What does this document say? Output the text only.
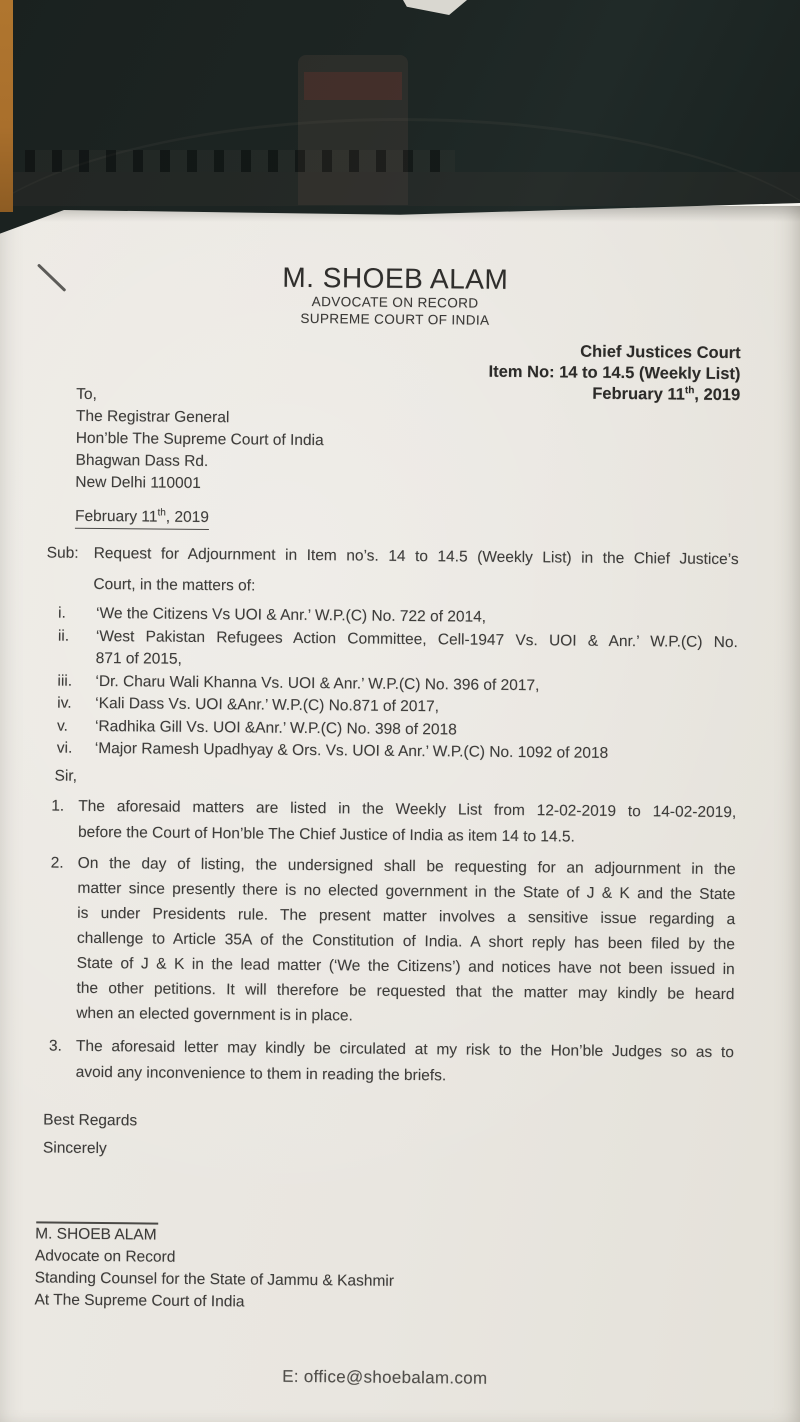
M. SHOEB ALAM
ADVOCATE ON RECORD
SUPREME COURT OF INDIA
Chief Justices Court
Item No: 14 to 14.5 (Weekly List)
February 11th, 2019
To,
The Registrar General
Hon’ble The Supreme Court of India
Bhagwan Dass Rd.
New Delhi 110001
February 11th, 2019
Sub: Request for Adjournment in Item no’s. 14 to 14.5 (Weekly List) in the Chief Justice’s
Court, in the matters of:
i.	‘We the Citizens Vs UOI & Anr.’ W.P.(C) No. 722 of 2014,
ii.	‘West Pakistan Refugees Action Committee, Cell-1947 Vs. UOI & Anr.’ W.P.(C) No.
871 of 2015,
iii.	‘Dr. Charu Wali Khanna Vs. UOI & Anr.’ W.P.(C) No. 396 of 2017,
iv.	‘Kali Dass Vs. UOI &Anr.’ W.P.(C) No.871 of 2017,
v.	‘Radhika Gill Vs. UOI &Anr.’ W.P.(C) No. 398 of 2018
vi.	‘Major Ramesh Upadhyay & Ors. Vs. UOI & Anr.’ W.P.(C) No. 1092 of 2018
Sir,
1. The aforesaid matters are listed in the Weekly List from 12-02-2019 to 14-02-2019,
before the Court of Hon’ble The Chief Justice of India as item 14 to 14.5.
2. On the day of listing, the undersigned shall be requesting for an adjournment in the
matter since presently there is no elected government in the State of J & K and the State
is under Presidents rule. The present matter involves a sensitive issue regarding a
challenge to Article 35A of the Constitution of India. A short reply has been filed by the
State of J & K in the lead matter (‘We the Citizens’) and notices have not been issued in
the other petitions. It will therefore be requested that the matter may kindly be heard
when an elected government is in place.
3. The aforesaid letter may kindly be circulated at my risk to the Hon’ble Judges so as to
avoid any inconvenience to them in reading the briefs.
Best Regards
Sincerely
M. SHOEB ALAM
Advocate on Record
Standing Counsel for the State of Jammu & Kashmir
At The Supreme Court of India
E: office@shoebalam.com
